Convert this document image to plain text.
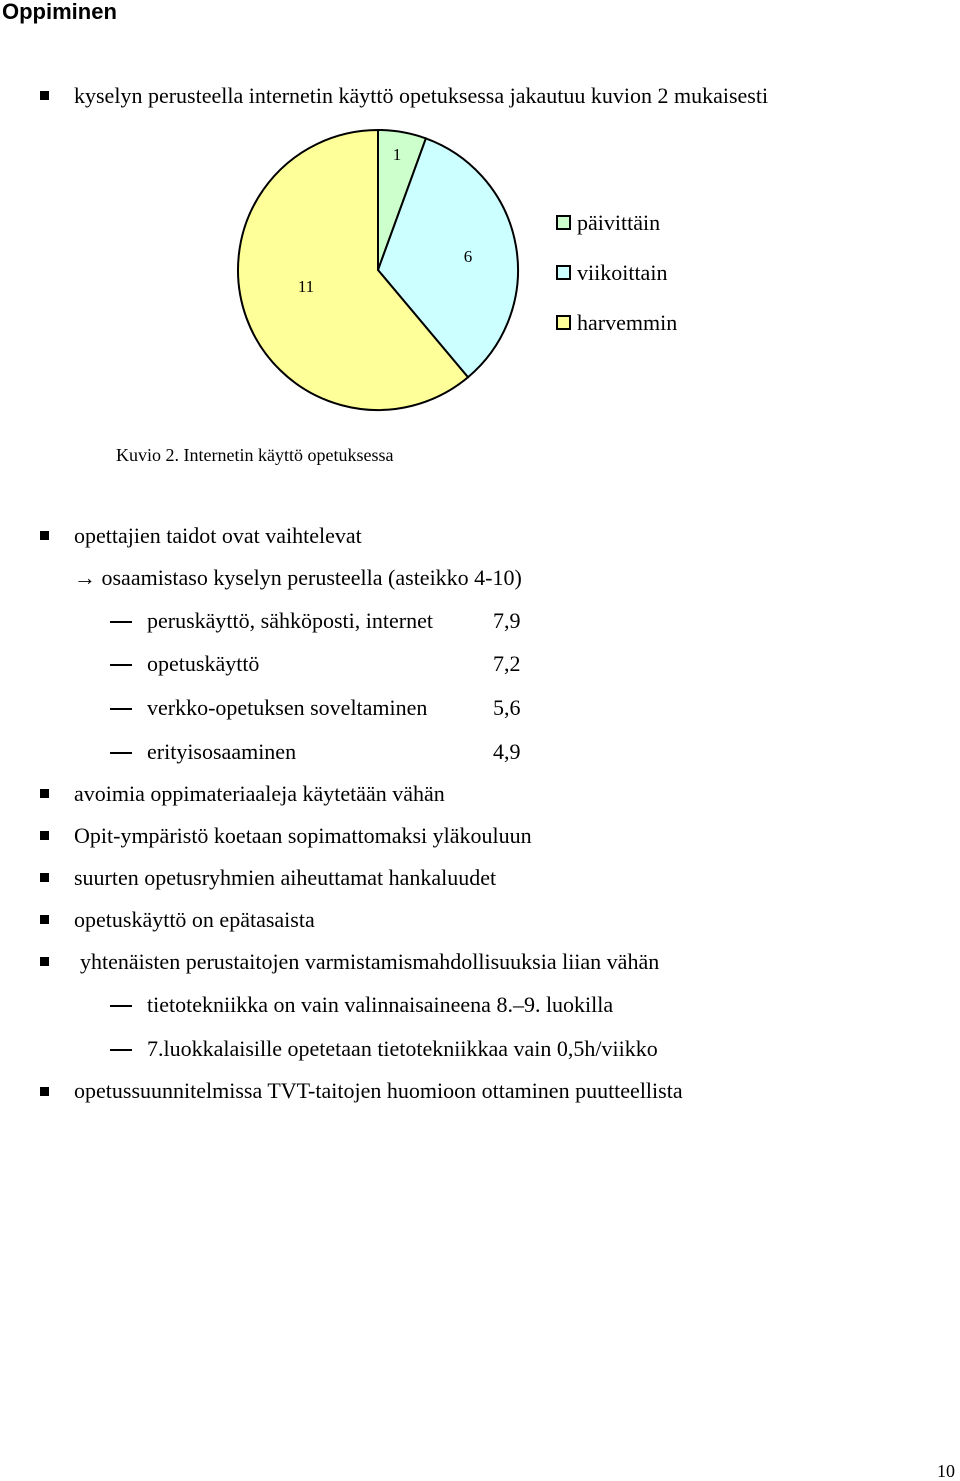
Oppiminen
kyselyn perusteella internetin käyttö opetuksessa jakautuu kuvion 2 mukaisesti
1
6
11
päivittäin
viikoittain
harvemmin
Kuvio 2. Internetin käyttö opetuksessa
opettajien taidot ovat vaihtelevat
→ osaamistaso kyselyn perusteella (asteikko 4-10)
peruskäyttö, sähköposti, internet	7,9
opetuskäyttö	7,2
verkko-opetuksen soveltaminen	5,6
erityisosaaminen	4,9
avoimia oppimateriaaleja käytetään vähän
Opit-ympäristö koetaan sopimattomaksi yläkouluun
suurten opetusryhmien aiheuttamat hankaluudet
opetuskäyttö on epätasaista
yhtenäisten perustaitojen varmistamismahdollisuuksia liian vähän
tietotekniikka on vain valinnaisaineena 8.–9. luokilla
7.luokkalaisille opetetaan tietotekniikkaa vain 0,5h/viikko
opetussuunnitelmissa TVT-taitojen huomioon ottaminen puutteellista
10
